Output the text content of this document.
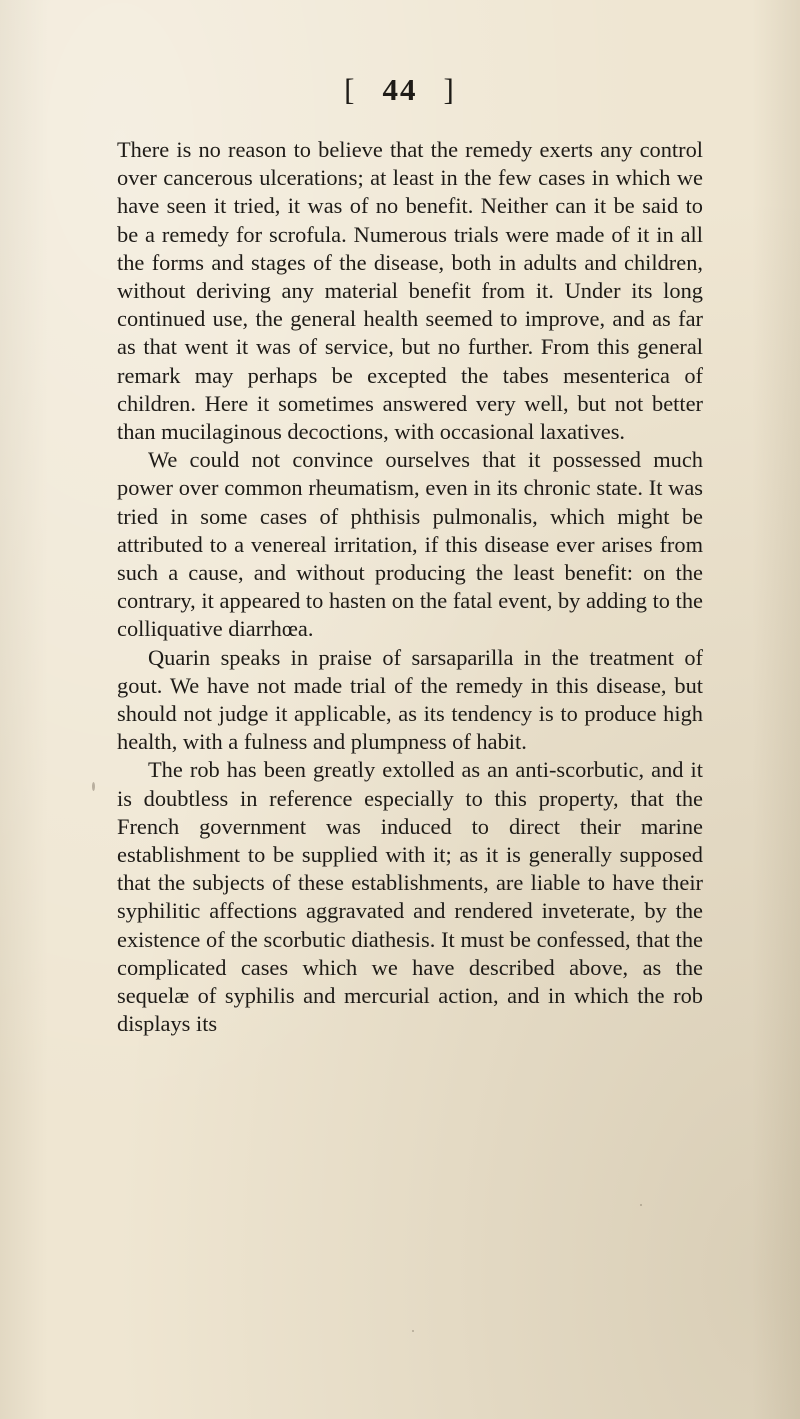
[ 44 ]

There is no reason to believe that the remedy exerts any control over cancerous ulcerations; at least in the few cases in which we have seen it tried, it was of no benefit. Neither can it be said to be a remedy for scrofula. Numerous trials were made of it in all the forms and stages of the disease, both in adults and children, without deriving any material benefit from it. Under its long continued use, the general health seemed to improve, and as far as that went it was of service, but no further. From this general remark may perhaps be excepted the tabes mesenterica of children. Here it sometimes answered very well, but not better than mucilaginous decoctions, with occasional laxatives.

We could not convince ourselves that it possessed much power over common rheumatism, even in its chronic state. It was tried in some cases of phthisis pulmonalis, which might be attributed to a venereal irritation, if this disease ever arises from such a cause, and without producing the least benefit: on the contrary, it appeared to hasten on the fatal event, by adding to the colliquative diarrhœa.

Quarin speaks in praise of sarsaparilla in the treatment of gout. We have not made trial of the remedy in this disease, but should not judge it applicable, as its tendency is to produce high health, with a fulness and plumpness of habit.

The rob has been greatly extolled as an anti-scorbutic, and it is doubtless in reference especially to this property, that the French government was induced to direct their marine establishment to be supplied with it; as it is generally supposed that the subjects of these establishments, are liable to have their syphilitic affections aggravated and rendered inveterate, by the existence of the scorbutic diathesis. It must be confessed, that the complicated cases which we have described above, as the sequelæ of syphilis and mercurial action, and in which the rob displays its
